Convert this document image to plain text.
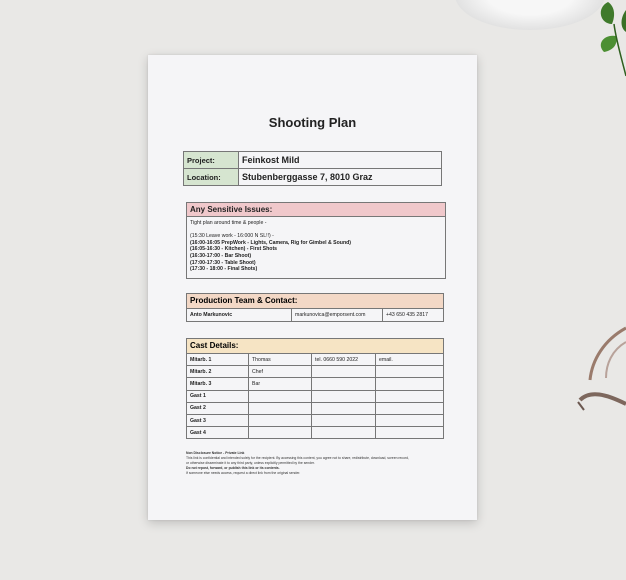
Shooting Plan
Project:	Feinkost Mild
Location:	Stubenberggasse 7, 8010 Graz
Any Sensitive Issues:
Tight plan around time & people -

(15:30 Leave work - 16:000 N SL!!) -
(16:00-16:05 PrepWork - Lights, Camera, Rig for Gimbel & Sound)
(16:05-16:30 - Kitchen) - First Shots
(16:30-17:00 - Bar Shoot)
(17:00-17:30 - Table Shoot)
(17:30 - 18:00 - Final Shots)
Production Team & Contact:
Anto Markunovic	markunovica@emporsent.com	+43 650 435 2817
Cast Details:
Mitarb. 1	Thomas	tel. 0660 590 2022	email.
Mitarb. 2	Chef		
Mitarb. 3	Bar		
Gast 1			
Gast 2			
Gast 3			
Gast 4			
Non Disclosure Notice - Private Link
This link is confidential and intended solely for the recipient. By accessing this content, you agree not to share, redistribute, download, screen record,
or otherwise disseminate it to any third party, unless explicitly permitted by the sender.
Do not repost, forward, or publish this link or its contents.
If someone else needs access, request a direct link from the original sender.
